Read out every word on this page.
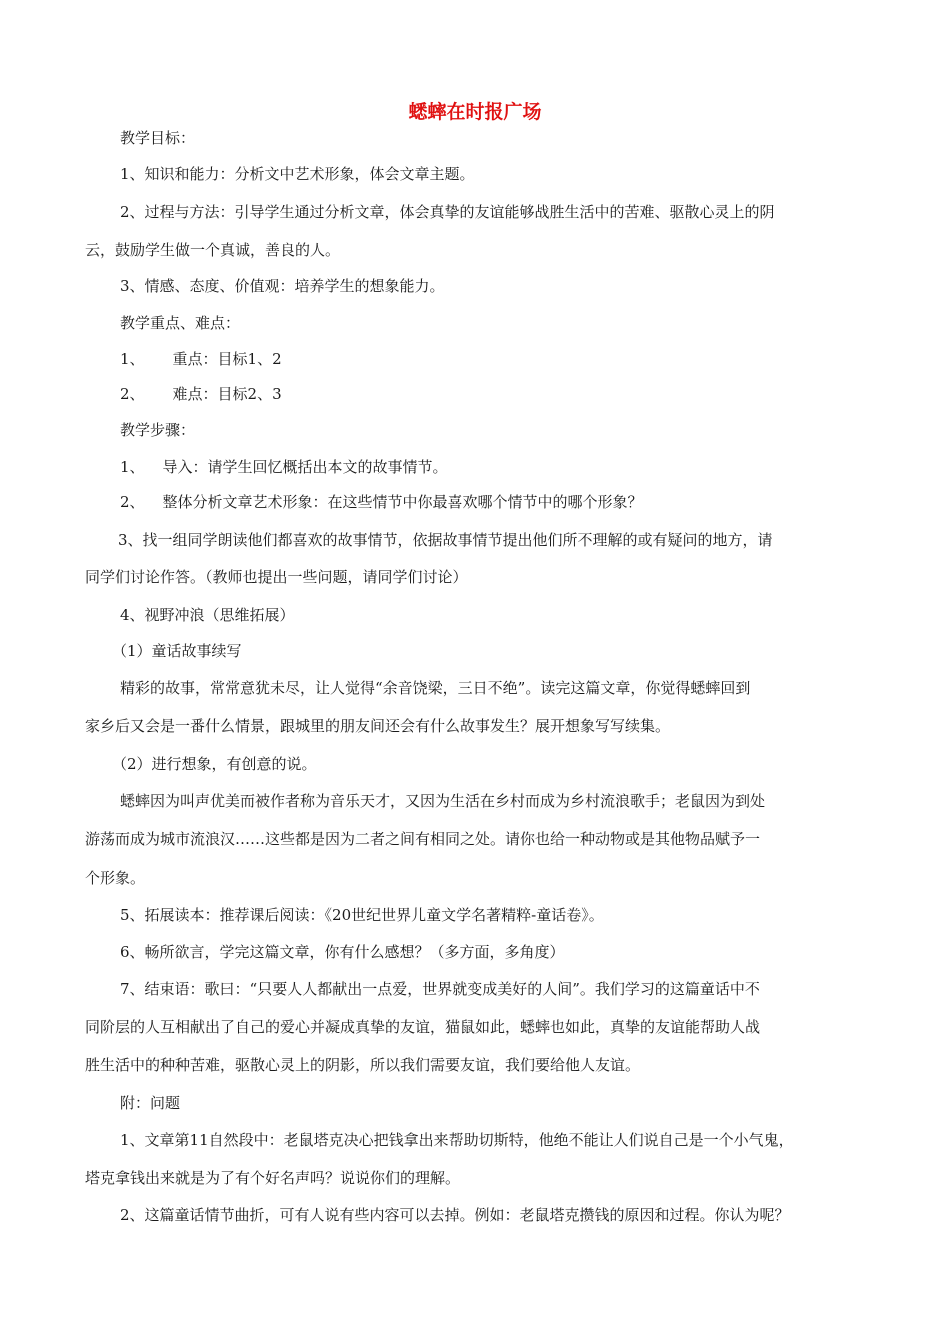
蟋蟀在时报广场
教学目标：
1、知识和能力：分析文中艺术形象，体会文章主题。
2、过程与方法：引导学生通过分析文章，体会真挚的友谊能够战胜生活中的苦难、驱散心灵上的阴
云，鼓励学生做一个真诚，善良的人。
3、情感、态度、价值观：培养学生的想象能力。
教学重点、难点：
1、 重点：目标1、2
2、 难点：目标2、3
教学步骤：
1、 导入：请学生回忆概括出本文的故事情节。
2、 整体分析文章艺术形象：在这些情节中你最喜欢哪个情节中的哪个形象？
3、找一组同学朗读他们都喜欢的故事情节，依据故事情节提出他们所不理解的或有疑问的地方，请
同学们讨论作答。（教师也提出一些问题，请同学们讨论）
4、视野冲浪（思维拓展）
（1）童话故事续写
精彩的故事，常常意犹未尽，让人觉得“余音饶梁，三日不绝”。读完这篇文章，你觉得蟋蟀回到
家乡后又会是一番什么情景，跟城里的朋友间还会有什么故事发生？展开想象写写续集。
（2）进行想象，有创意的说。
蟋蟀因为叫声优美而被作者称为音乐天才，又因为生活在乡村而成为乡村流浪歌手；老鼠因为到处
游荡而成为城市流浪汉……这些都是因为二者之间有相同之处。请你也给一种动物或是其他物品赋予一
个形象。
5、拓展读本：推荐课后阅读：《20世纪世界儿童文学名著精粹-童话卷》。
6、畅所欲言，学完这篇文章，你有什么感想？（多方面，多角度）
7、结束语：歌曰：“只要人人都献出一点爱，世界就变成美好的人间”。我们学习的这篇童话中不
同阶层的人互相献出了自己的爱心并凝成真挚的友谊，猫鼠如此，蟋蟀也如此，真挚的友谊能帮助人战
胜生活中的种种苦难，驱散心灵上的阴影，所以我们需要友谊，我们要给他人友谊。
附：问题
1、文章第11自然段中：老鼠塔克决心把钱拿出来帮助切斯特，他绝不能让人们说自己是一个小气鬼，
塔克拿钱出来就是为了有个好名声吗？说说你们的理解。
2、这篇童话情节曲折，可有人说有些内容可以去掉。例如：老鼠塔克攒钱的原因和过程。你认为呢？
